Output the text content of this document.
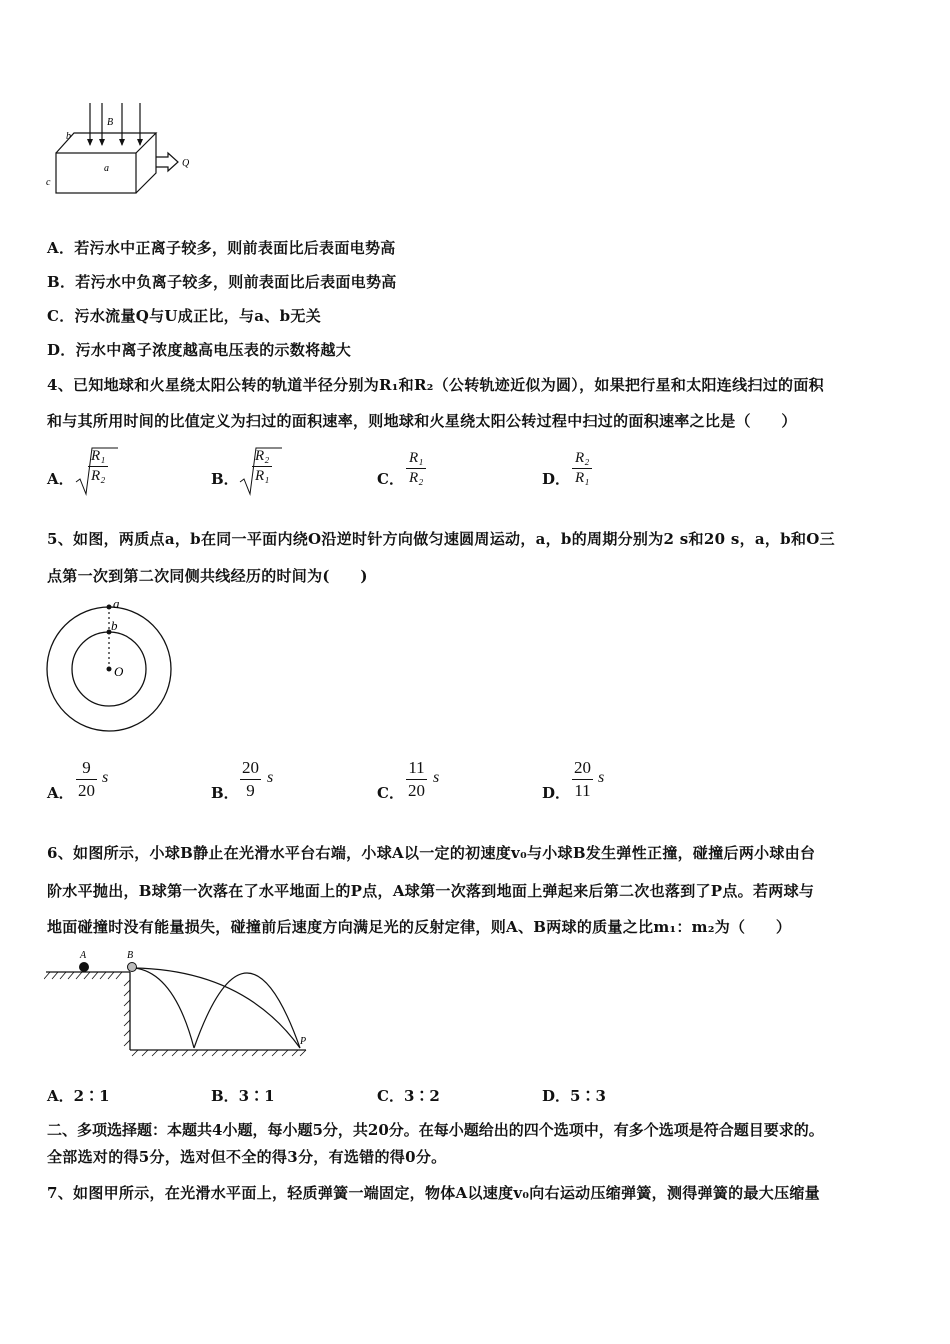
b
B
a
c
Q
A．若污水中正离子较多，则前表面比后表面电势高
B．若污水中负离子较多，则前表面比后表面电势高
C．污水流量Q与U成正比，与a、b无关
D．污水中离子浓度越高电压表的示数将越大
4、已知地球和火星绕太阳公转的轨道半径分别为R₁和R₂（公转轨迹近似为圆），如果把行星和太阳连线扫过的面积
和与其所用时间的比值定义为扫过的面积速率，则地球和火星绕太阳公转过程中扫过的面积速率之比是（　　）
A． $\frac{\text{R₁}}{\text{R₂}}$	B． $\frac{\text{R₂}}{\text{R₁}}$	C． $\frac{\text{R₁}}{\text{R₂}}$	D． $\frac{\text{R₂}}{\text{R₁}}$
5、如图，两质点a，b在同一平面内绕O沿逆时针方向做匀速圆周运动，a，b的周期分别为2 s和20 s，a，b和O三
点第一次到第二次同侧共线经历的时间为(　　)
a
b
O
A． $\frac{9}{20}$ s
B． $\frac{20}{9}$ s
C． $\frac{11}{20}$ s
D． $\frac{20}{11}$ s
6、如图所示，小球B静止在光滑水平台右端，小球A以一定的初速度v₀与小球B发生弹性正撞，碰撞后两小球由台
阶水平抛出，B球第一次落在了水平地面上的P点，A球第一次落到地面上弹起来后第二次也落到了P点。若两球与
地面碰撞时没有能量损失，碰撞前后速度方向满足光的反射定律，则A、B两球的质量之比m₁：m₂为（　　）
A	B
P
A．2∶1	B．3∶1	C．3∶2	D．5∶3
二、多项选择题：本题共4小题，每小题5分，共20分。在每小题给出的四个选项中，有多个选项是符合题目要求的。
全部选对的得5分，选对但不全的得3分，有选错的得0分。
7、如图甲所示，在光滑水平面上，轻质弹簧一端固定，物体A以速度v₀向右运动压缩弹簧，测得弹簧的最大压缩量
